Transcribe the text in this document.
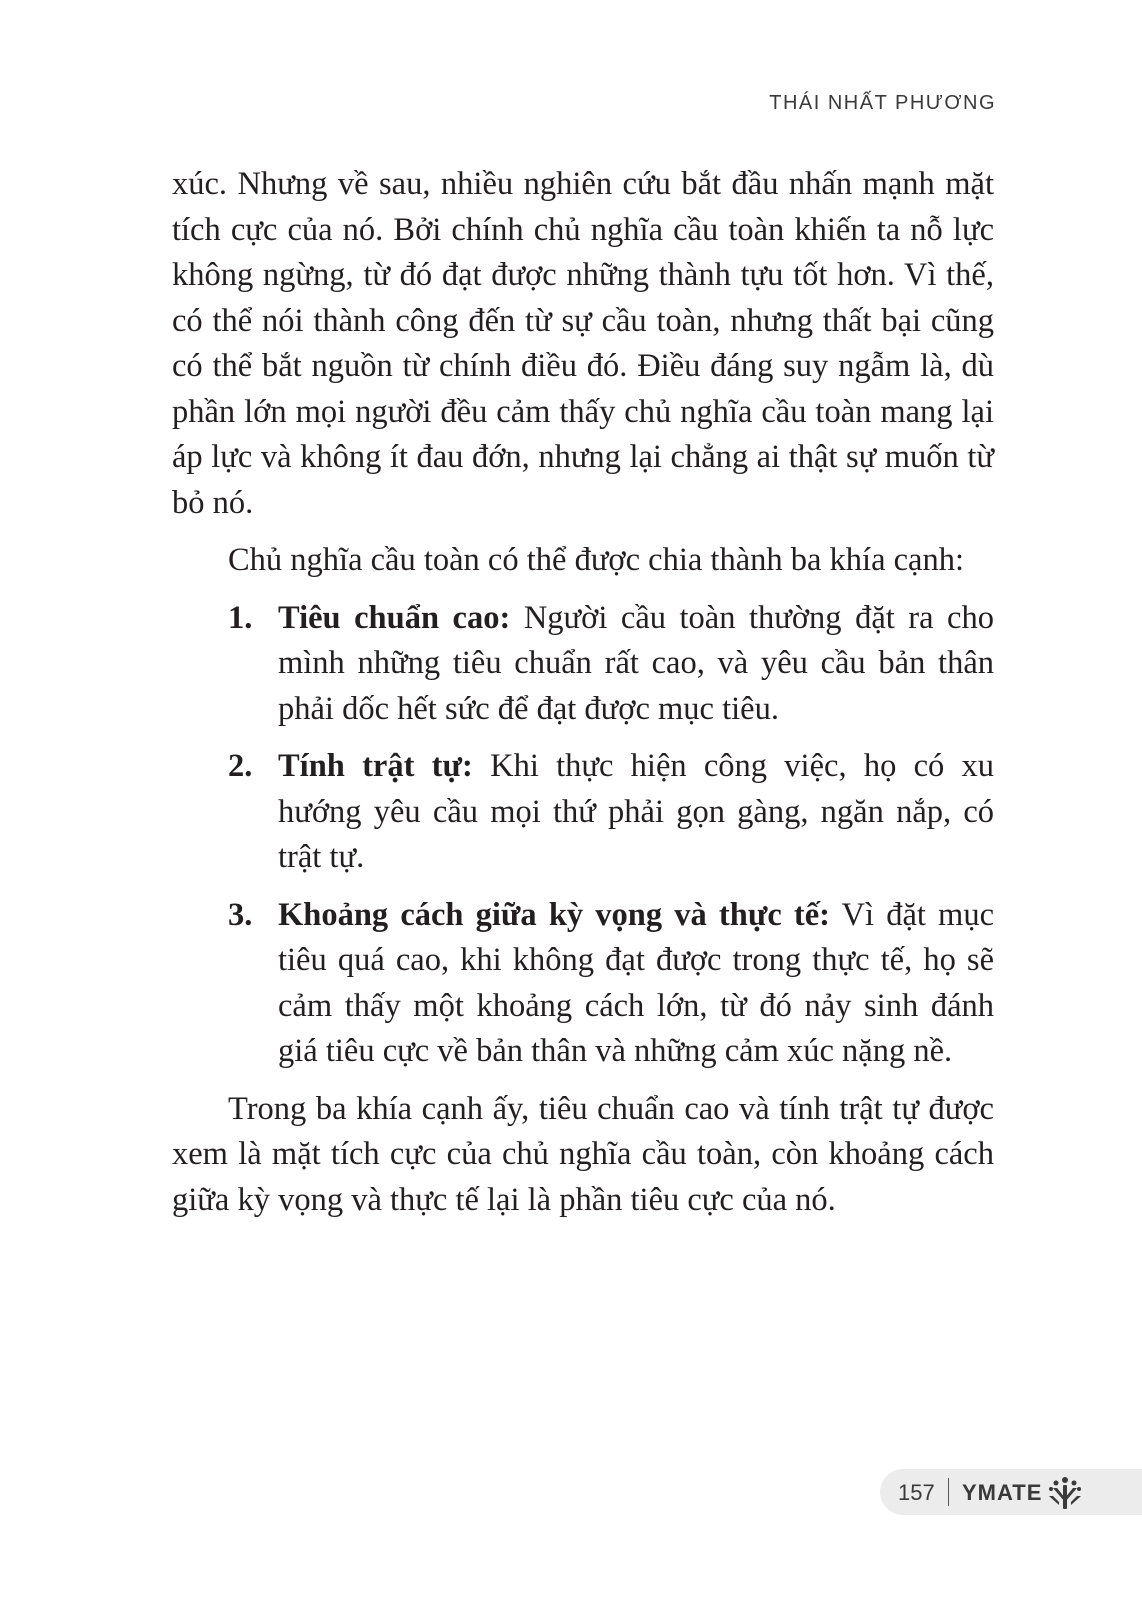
THÁI NHẤT PHƯƠNG

xúc. Nhưng về sau, nhiều nghiên cứu bắt đầu nhấn mạnh mặt tích cực của nó. Bởi chính chủ nghĩa cầu toàn khiến ta nỗ lực không ngừng, từ đó đạt được những thành tựu tốt hơn. Vì thế, có thể nói thành công đến từ sự cầu toàn, nhưng thất bại cũng có thể bắt nguồn từ chính điều đó. Điều đáng suy ngẫm là, dù phần lớn mọi người đều cảm thấy chủ nghĩa cầu toàn mang lại áp lực và không ít đau đớn, nhưng lại chẳng ai thật sự muốn từ bỏ nó.

Chủ nghĩa cầu toàn có thể được chia thành ba khía cạnh:

1. Tiêu chuẩn cao: Người cầu toàn thường đặt ra cho mình những tiêu chuẩn rất cao, và yêu cầu bản thân phải dốc hết sức để đạt được mục tiêu.
2. Tính trật tự: Khi thực hiện công việc, họ có xu hướng yêu cầu mọi thứ phải gọn gàng, ngăn nắp, có trật tự.
3. Khoảng cách giữa kỳ vọng và thực tế: Vì đặt mục tiêu quá cao, khi không đạt được trong thực tế, họ sẽ cảm thấy một khoảng cách lớn, từ đó nảy sinh đánh giá tiêu cực về bản thân và những cảm xúc nặng nề.

Trong ba khía cạnh ấy, tiêu chuẩn cao và tính trật tự được xem là mặt tích cực của chủ nghĩa cầu toàn, còn khoảng cách giữa kỳ vọng và thực tế lại là phần tiêu cực của nó.

157 YMATE
